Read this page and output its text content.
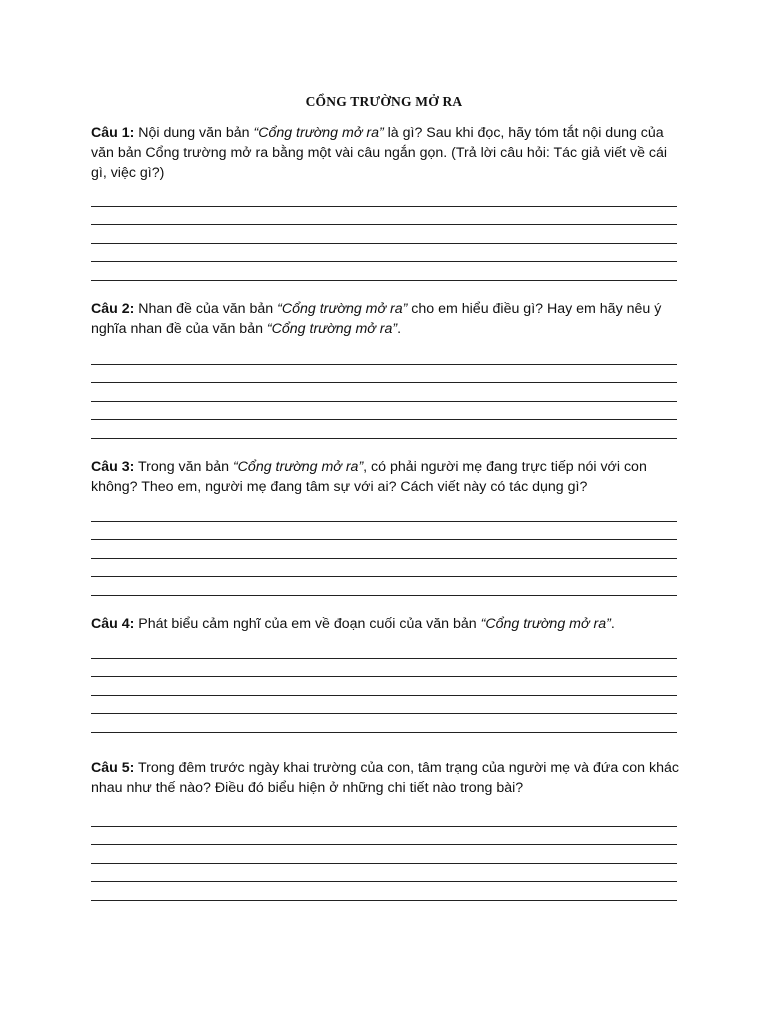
CỔNG TRƯỜNG MỞ RA
Câu 1: Nội dung văn bản “Cổng trường mở ra” là gì? Sau khi đọc, hãy tóm tắt nội dung của văn bản Cổng trường mở ra bằng một vài câu ngắn gọn. (Trả lời câu hỏi: Tác giả viết về cái gì, việc gì?)
Câu 2: Nhan đề của văn bản “Cổng trường mở ra” cho em hiểu điều gì? Hay em hãy nêu ý nghĩa nhan đề của văn bản “Cổng trường mở ra”.
Câu 3: Trong văn bản “Cổng trường mở ra”, có phải người mẹ đang trực tiếp nói với con không? Theo em, người mẹ đang tâm sự với ai? Cách viết này có tác dụng gì?
Câu 4: Phát biểu cảm nghĩ của em về đoạn cuối của văn bản “Cổng trường mở ra”.
Câu 5: Trong đêm trước ngày khai trường của con, tâm trạng của người mẹ và đứa con khác nhau như thế nào? Điều đó biểu hiện ở những chi tiết nào trong bài?
